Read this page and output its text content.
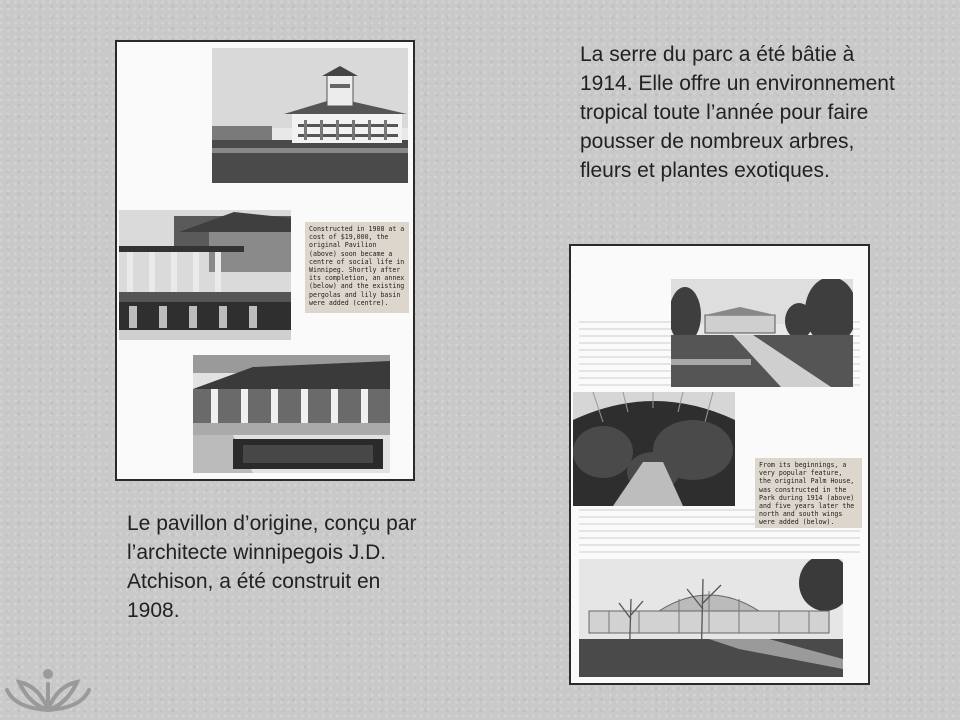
La serre du parc a été bâtie à 1914. Elle offre un environnement tropical toute l’année pour faire pousser de nombreux arbres, fleurs et plantes exotiques.

Le pavillon d’origine, conçu par l’architecte winnipegois J.D. Atchison, a été construit en 1908.

Constructed in 1908 at a cost of $19,000, the original Pavilion (above) soon became a centre of social life in Winnipeg. Shortly after its completion, an annex (below) and the existing pergolas and lily basin were added (centre).
From its beginnings, a very popular feature, the original Palm House, was constructed in the Park during 1914 (above) and five years later the north and south wings were added (below).
